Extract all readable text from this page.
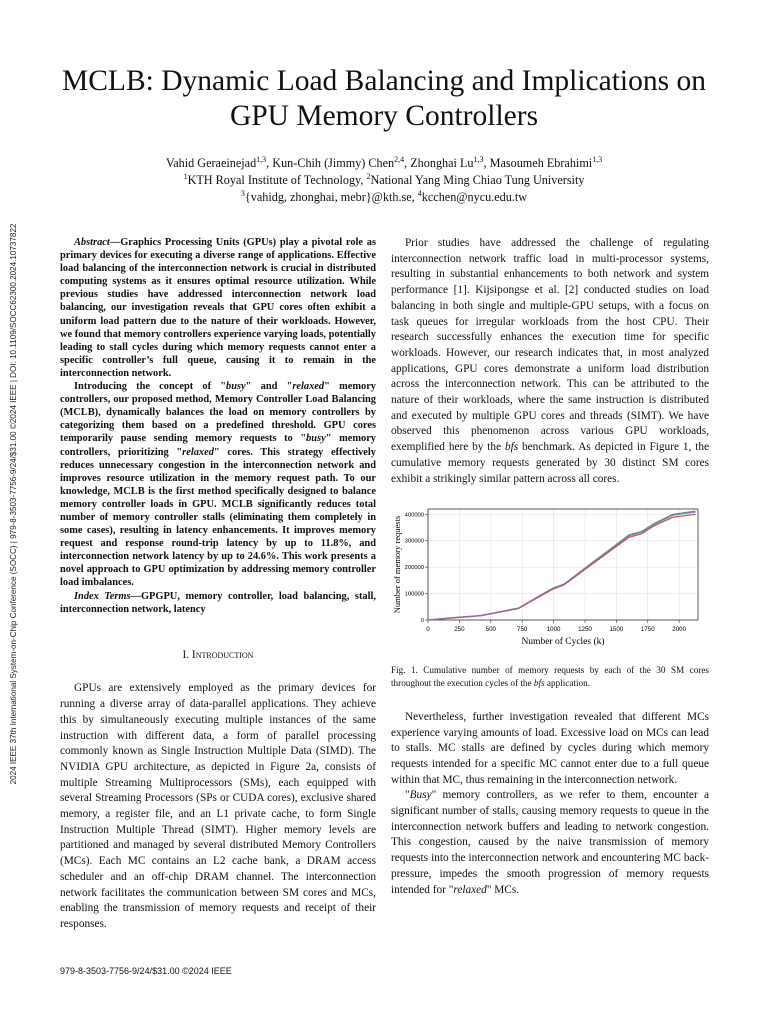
2024 IEEE 37th International System-on-Chip Conference (SOCC) | 979-8-3503-7756-9/24/$31.00 ©2024 IEEE | DOI: 10.1109/SOCC62300.2024.10737822
MCLB: Dynamic Load Balancing and Implications on GPU Memory Controllers
Vahid Geraeinejad$^{1,3}$, Kun-Chih (Jimmy) Chen$^{2,4}$, Zhonghai Lu$^{1,3}$, Masoumeh Ebrahimi$^{1,3}$
$^1$KTH Royal Institute of Technology, $^2$National Yang Ming Chiao Tung University
$^3${vahidg, zhonghai, mebr}@kth.se, $^4$kcchen@nycu.edu.tw

Abstract—Graphics Processing Units (GPUs) play a pivotal role as primary devices for executing a diverse range of applications. Effective load balancing of the interconnection network is crucial in distributed computing systems as it ensures optimal resource utilization. While previous studies have addressed interconnection network load balancing, our investigation reveals that GPU cores often exhibit a uniform load pattern due to the nature of their workloads. However, we found that memory controllers experience varying loads, potentially leading to stall cycles during which memory requests cannot enter a specific controller’s full queue, causing it to remain in the interconnection network.

Introducing the concept of "busy" and "relaxed" memory controllers, our proposed method, Memory Controller Load Balancing (MCLB), dynamically balances the load on memory controllers by categorizing them based on a predefined threshold. GPU cores temporarily pause sending memory requests to "busy" memory controllers, prioritizing "relaxed" cores. This strategy effectively reduces unnecessary congestion in the interconnection network and improves resource utilization in the memory request path. To our knowledge, MCLB is the first method specifically designed to balance memory controller loads in GPU. MCLB significantly reduces total number of memory controller stalls (eliminating them completely in some cases), resulting in latency enhancements. It improves memory request and response round-trip latency by up to 11.8%, and interconnection network latency by up to 24.6%. This work presents a novel approach to GPU optimization by addressing memory controller load imbalances.

Index Terms—GPGPU, memory controller, load balancing, stall, interconnection network, latency

I. Introduction

GPUs are extensively employed as the primary devices for running a diverse array of data-parallel applications. They achieve this by simultaneously executing multiple instances of the same instruction with different data, a form of parallel processing commonly known as Single Instruction Multiple Data (SIMD). The NVIDIA GPU architecture, as depicted in Figure 2a, consists of multiple Streaming Multiprocessors (SMs), each equipped with several Streaming Processors (SPs or CUDA cores), exclusive shared memory, a register file, and an L1 private cache, to form Single Instruction Multiple Thread (SIMT). Higher memory levels are partitioned and managed by several distributed Memory Controllers (MCs). Each MC contains an L2 cache bank, a DRAM access scheduler and an off-chip DRAM channel. The interconnection network facilitates the communication between SM cores and MCs, enabling the transmission of memory requests and receipt of their responses.

Prior studies have addressed the challenge of regulating interconnection network traffic load in multi-processor systems, resulting in substantial enhancements to both network and system performance [1]. Kijsipongse et al. [2] conducted studies on load balancing in both single and multiple-GPU setups, with a focus on task queues for irregular workloads from the host CPU. Their research successfully enhances the execution time for specific workloads. However, our research indicates that, in most analyzed applications, GPU cores demonstrate a uniform load distribution across the interconnection network. This can be attributed to the nature of their workloads, where the same instruction is distributed and executed by multiple GPU cores and threads (SIMT). We have observed this phenomenon across various GPU workloads, exemplified here by the bfs benchmark. As depicted in Figure 1, the cumulative memory requests generated by 30 distinct SM cores exhibit a strikingly similar pattern across all cores.

0	250	500	750	1000	1250	1500	1750	2000
0
100000
200000
300000
400000
Number of Cycles (k)
Number of memory requests

Fig. 1. Cumulative number of memory requests by each of the 30 SM cores throughout the execution cycles of the bfs application.

Nevertheless, further investigation revealed that different MCs experience varying amounts of load. Excessive load on MCs can lead to stalls. MC stalls are defined by cycles during which memory requests intended for a specific MC cannot enter due to a full queue within that MC, thus remaining in the interconnection network.

"Busy" memory controllers, as we refer to them, encounter a significant number of stalls, causing memory requests to queue in the interconnection network buffers and leading to network congestion. This congestion, caused by the naive transmission of memory requests into the interconnection network and encountering MC back-pressure, impedes the smooth progression of memory requests intended for "relaxed" MCs.

979-8-3503-7756-9/24/$31.00 ©2024 IEEE
